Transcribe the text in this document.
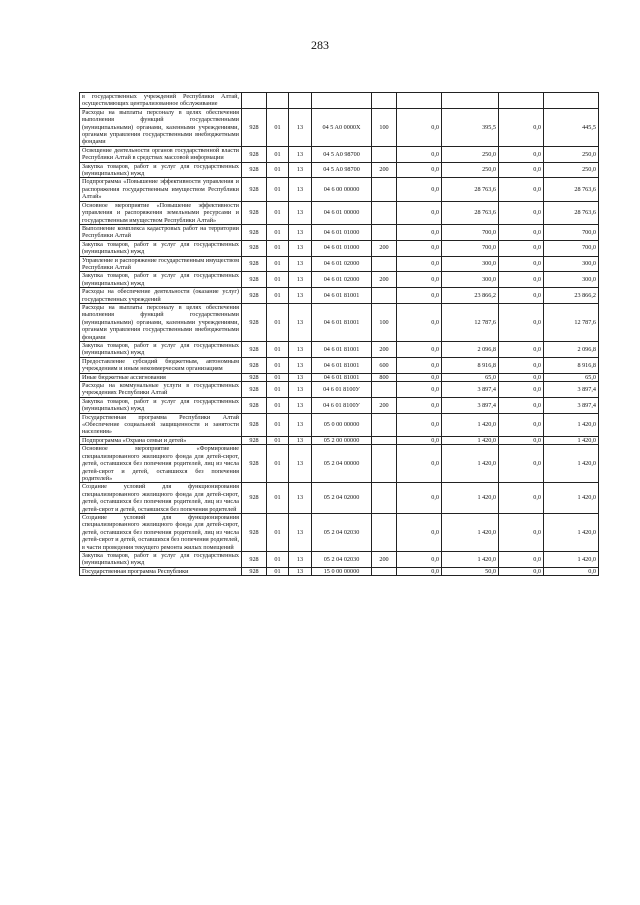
283
в государственных учреждений Республики Алтай, осуществляющих централизованное обслуживание									
Расходы на выплаты персоналу в целях обеспечения выполнения функций государственными (муниципальными) органами, казенными учреждениями, органами управления государственными внебюджетными фондами	928	01	13	04 5 A0 0000X	100	0,0	395,5	0,0	445,5
Освещение деятельности органов государственной власти Республики Алтай в средствах массовой информации	928	01	13	04 5 A0 98700		0,0	250,0	0,0	250,0
Закупка товаров, работ и услуг для государственных (муниципальных) нужд	928	01	13	04 5 A0 98700	200	0,0	250,0	0,0	250,0
Подпрограмма «Повышение эффективности управления и распоряжения государственным имуществом Республики Алтай»	928	01	13	04 6 00 00000		0,0	28 763,6	0,0	28 763,6
Основное мероприятие «Повышение эффективности управления и распоряжения земельными ресурсами и государственным имуществом Республики Алтай»	928	01	13	04 6 01 00000		0,0	28 763,6	0,0	28 763,6
Выполнение комплекса кадастровых работ на территории Республики Алтай	928	01	13	04 6 01 01000		0,0	700,0	0,0	700,0
Закупка товаров, работ и услуг для государственных (муниципальных) нужд	928	01	13	04 6 01 01000	200	0,0	700,0	0,0	700,0
Управление и распоряжение государственным имуществом Республики Алтай	928	01	13	04 6 01 02000		0,0	300,0	0,0	300,0
Закупка товаров, работ и услуг для государственных (муниципальных) нужд	928	01	13	04 6 01 02000	200	0,0	300,0	0,0	300,0
Расходы на обеспечение деятельности (оказание услуг) государственных учреждений	928	01	13	04 6 01 81001		0,0	23 866,2	0,0	23 866,2
Расходы на выплаты персоналу в целях обеспечения выполнения функций государственными (муниципальными) органами, казенными учреждениями, органами управления государственными внебюджетными фондами	928	01	13	04 6 01 81001	100	0,0	12 787,6	0,0	12 787,6
Закупка товаров, работ и услуг для государственных (муниципальных) нужд	928	01	13	04 6 01 81001	200	0,0	2 096,8	0,0	2 096,8
Предоставление субсидий бюджетным, автономным учреждениям и иным некоммерческим организациям	928	01	13	04 6 01 81001	600	0,0	8 916,8	0,0	8 916,8
Иные бюджетные ассигнования	928	01	13	04 6 01 81001	800	0,0	65,0	0,0	65,0
Расходы на коммунальные услуги в государственных учреждениях Республики Алтай	928	01	13	04 6 01 8100У		0,0	3 897,4	0,0	3 897,4
Закупка товаров, работ и услуг для государственных (муниципальных) нужд	928	01	13	04 6 01 8100У	200	0,0	3 897,4	0,0	3 897,4
Государственная программа Республики Алтай «Обеспечение социальной защищенности и занятости населения»	928	01	13	05 0 00 00000		0,0	1 420,0	0,0	1 420,0
Подпрограмма «Охрана семьи и детей»	928	01	13	05 2 00 00000		0,0	1 420,0	0,0	1 420,0
Основное мероприятие «Формирование специализированного жилищного фонда для детей-сирот, детей, оставшихся без попечения родителей, лиц из числа детей-сирот и детей, оставшихся без попечения родителей»	928	01	13	05 2 04 00000		0,0	1 420,0	0,0	1 420,0
Создание условий для функционирования специализированного жилищного фонда для детей-сирот, детей, оставшихся без попечения родителей, лиц из числа детей-сирот и детей, оставшихся без попечения родителей	928	01	13	05 2 04 02000		0,0	1 420,0	0,0	1 420,0
Создание условий для функционирования специализированного жилищного фонда для детей-сирот, детей, оставшихся без попечения родителей, лиц из числа детей-сирот и детей, оставшихся без попечения родителей, в части проведения текущего ремонта жилых помещений	928	01	13	05 2 04 02030		0,0	1 420,0	0,0	1 420,0
Закупка товаров, работ и услуг для государственных (муниципальных) нужд	928	01	13	05 2 04 02030	200	0,0	1 420,0	0,0	1 420,0
Государственная программа Республики	928	01	13	15 0 00 00000		0,0	50,0	0,0	0,0
